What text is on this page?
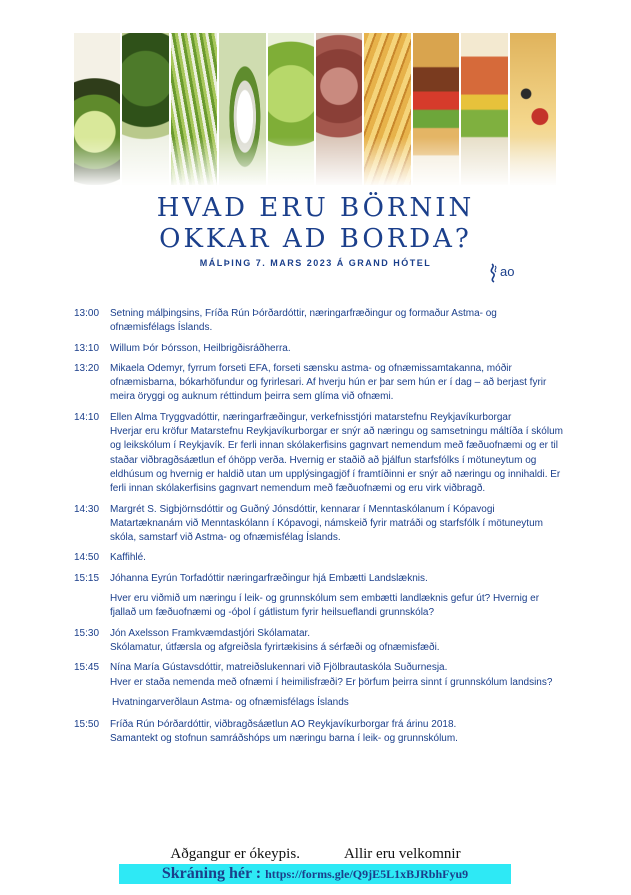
HVAD ERU BÖRNIN
OKKAR AD BORDA?
MÁLÞING 7. MARS 2023 Á GRAND HÓTEL
ao
13:00	Setning málþingsins, Fríða Rún Þórðardóttir, næringarfræðingur og formaður Astma- og ofnæmisfélags Íslands.
13:10	Willum Þór Þórsson, Heilbrigðisráðherra.
13:20	Mikaela Odemyr, fyrrum forseti EFA, forseti sænsku astma- og ofnæmissamtakanna, móðir ofnæmisbarna, bókarhöfundur og fyrirlesari. Af hverju hún er þar sem hún er í dag – að berjast fyrir meira öryggi og auknum réttindum þeirra sem glíma við ofnæmi.
14:10	Ellen Alma Tryggvadóttir, næringarfræðingur, verkefnisstjóri matarstefnu Reykjavíkurborgar
Hverjar eru kröfur Matarstefnu Reykjavíkurborgar er snýr að næringu og samsetningu máltíða í skólum og leikskólum í Reykjavík. Er ferli innan skólakerfisins gagnvart nemendum með fæðuofnæmi og er til staðar viðbragðsáætlun ef óhöpp verða. Hvernig er staðið að þjálfun starfsfólks í mötuneytum og eldhúsum og hvernig er haldið utan um upplýsingagjöf í framtíðinni er snýr að næringu og innihaldi. Er ferli innan skólakerfisins gagnvart nemendum með fæðuofnæmi og eru virk viðbragð.
14:30	Margrét S. Sigbjörnsdóttir og Guðný Jónsdóttir, kennarar í Menntaskólanum í Kópavogi
Matartæknanám við Menntaskólann í Kópavogi, námskeið fyrir matráði og starfsfólk í mötuneytum skóla, samstarf við Astma- og ofnæmisfélag Íslands.
14:50	Kaffihlé.
15:15	Jóhanna Eyrún Torfadóttir næringarfræðingur hjá Embætti Landslæknis.
Hver eru viðmið um næringu í leik- og grunnskólum sem embætti landlæknis gefur út? Hvernig er fjallað um fæðuofnæmi og -óþol í gátlistum fyrir heilsueflandi grunnskóla?
15:30	Jón Axelsson Framkvæmdastjóri Skólamatar.
Skólamatur, útfærsla og afgreiðsla fyrirtækisins á sérfæði og ofnæmisfæði.
15:45	Nína María Gústavsdóttir, matreiðslukennari við Fjölbrautaskóla Suðurnesja.
Hver er staða nemenda með ofnæmi í heimilisfræði? Er þörfum þeirra sinnt í grunnskólum landsins?
Hvatningarverðlaun Astma- og ofnæmisfélags Íslands
15:50	Fríða Rún Þórðardóttir, viðbragðsáætlun AO Reykjavíkurborgar frá árinu 2018.
Samantekt og stofnun samráðshóps um næringu barna í leik- og grunnskólum.
Aðgangur er ókeypis.	Allir eru velkomnir
Skráning hér : https://forms.gle/Q9jE5L1xBJRbhFyu9
